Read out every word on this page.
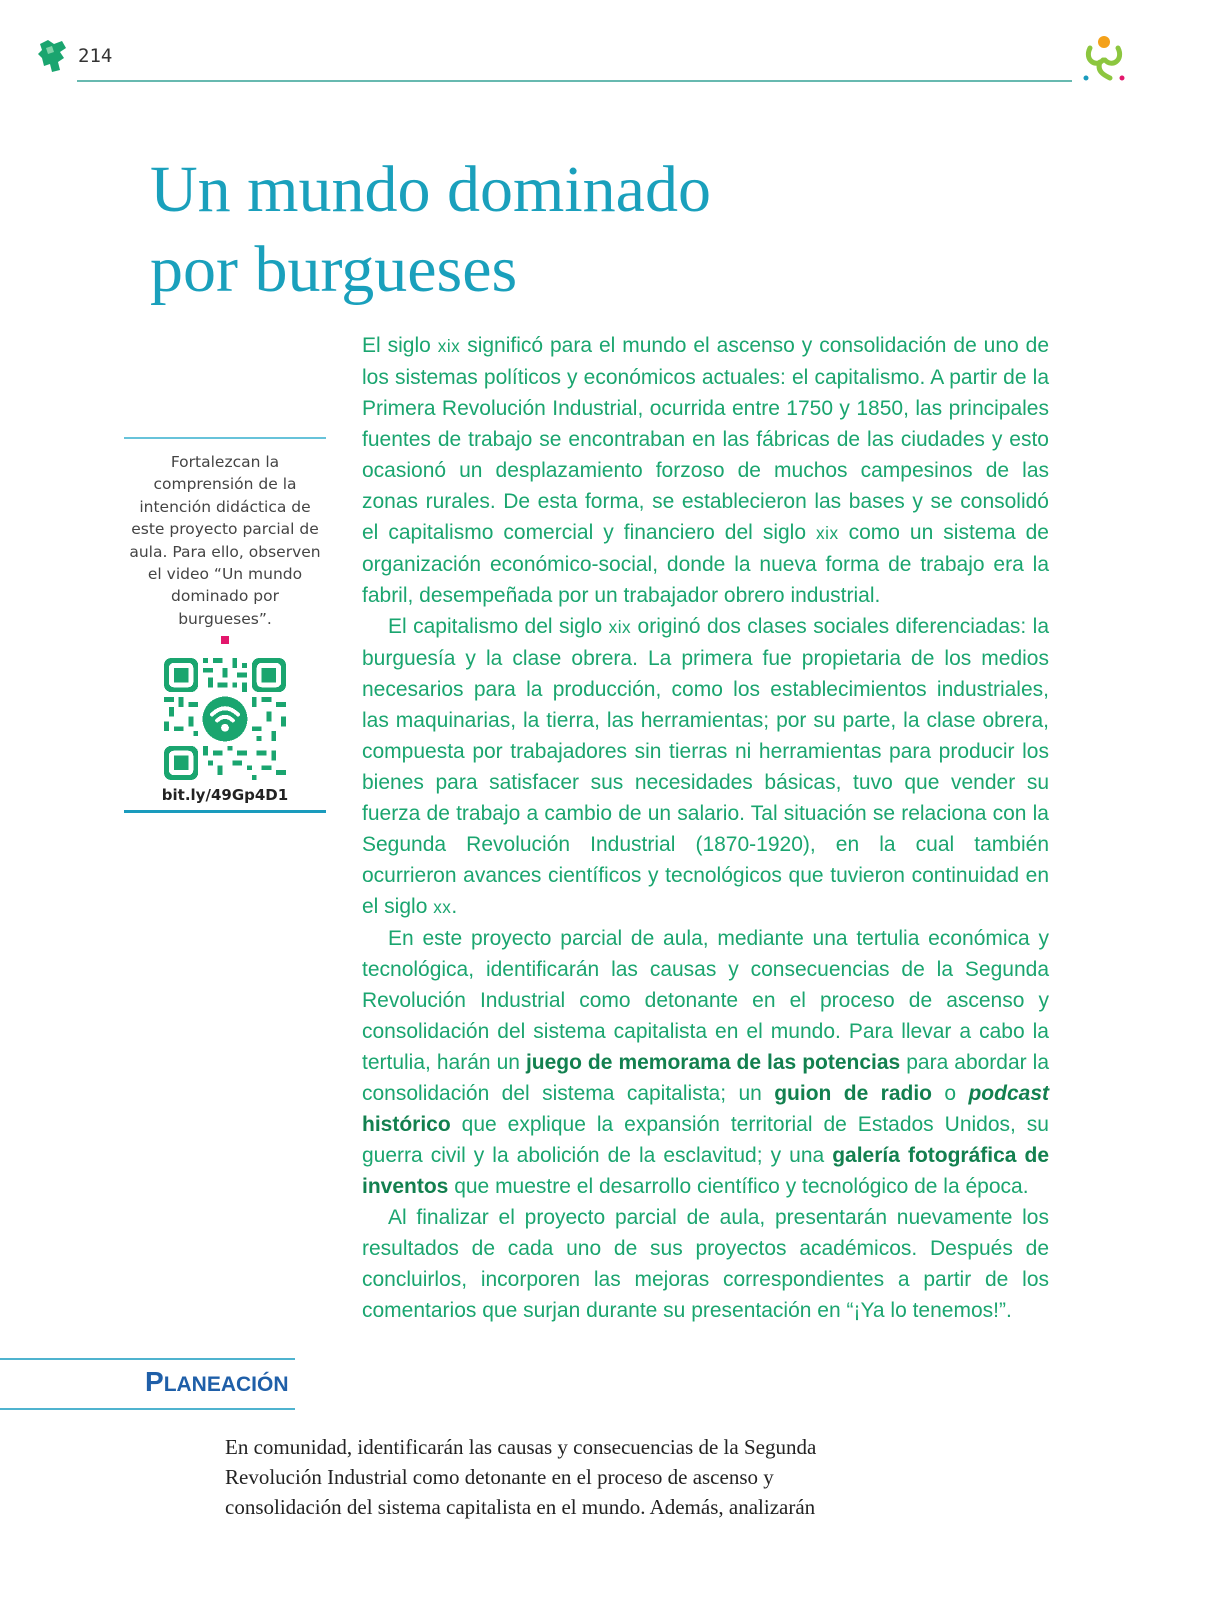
214
Un mundo dominado
por burgueses

Fortalezcan la comprensión de la intención didáctica de este proyecto parcial de aula. Para ello, observen el video “Un mundo dominado por burgueses”.

bit.ly/49Gp4D1

El siglo xix significó para el mundo el ascenso y consolidación de uno de los sistemas políticos y económicos actuales: el capitalismo. A partir de la Primera Revolución Industrial, ocurrida entre 1750 y 1850, las principales fuentes de trabajo se encontraban en las fábricas de las ciudades y esto ocasionó un desplazamiento forzoso de muchos campesinos de las zonas rurales. De esta forma, se establecieron las bases y se consolidó el capitalismo comercial y financiero del siglo xix como un sistema de organización económico-social, donde la nueva forma de trabajo era la fabril, desempeñada por un trabajador obrero industrial.

El capitalismo del siglo xix originó dos clases sociales diferenciadas: la burguesía y la clase obrera. La primera fue propietaria de los medios necesarios para la producción, como los establecimientos industriales, las maquinarias, la tierra, las herramientas; por su parte, la clase obrera, compuesta por trabajadores sin tierras ni herramientas para producir los bienes para satisfacer sus necesidades básicas, tuvo que vender su fuerza de trabajo a cambio de un salario. Tal situación se relaciona con la Segunda Revolución Industrial (1870-1920), en la cual también ocurrieron avances científicos y tecnológicos que tuvieron continuidad en el siglo xx.

En este proyecto parcial de aula, mediante una tertulia económica y tecnológica, identificarán las causas y consecuencias de la Segunda Revolución Industrial como detonante en el proceso de ascenso y consolidación del sistema capitalista en el mundo. Para llevar a cabo la tertulia, harán un juego de memorama de las potencias para abordar la consolidación del sistema capitalista; un guion de radio o podcast histórico que explique la expansión territorial de Estados Unidos, su guerra civil y la abolición de la esclavitud; y una galería fotográfica de inventos que muestre el desarrollo científico y tecnológico de la época.

Al finalizar el proyecto parcial de aula, presentarán nuevamente los resultados de cada uno de sus proyectos académicos. Después de concluirlos, incorporen las mejoras correspondientes a partir de los comentarios que surjan durante su presentación en “¡Ya lo tenemos!”.

PLANEACIÓN

En comunidad, identificarán las causas y consecuencias de la Segunda Revolución Industrial como detonante en el proceso de ascenso y consolidación del sistema capitalista en el mundo. Además, analizarán
